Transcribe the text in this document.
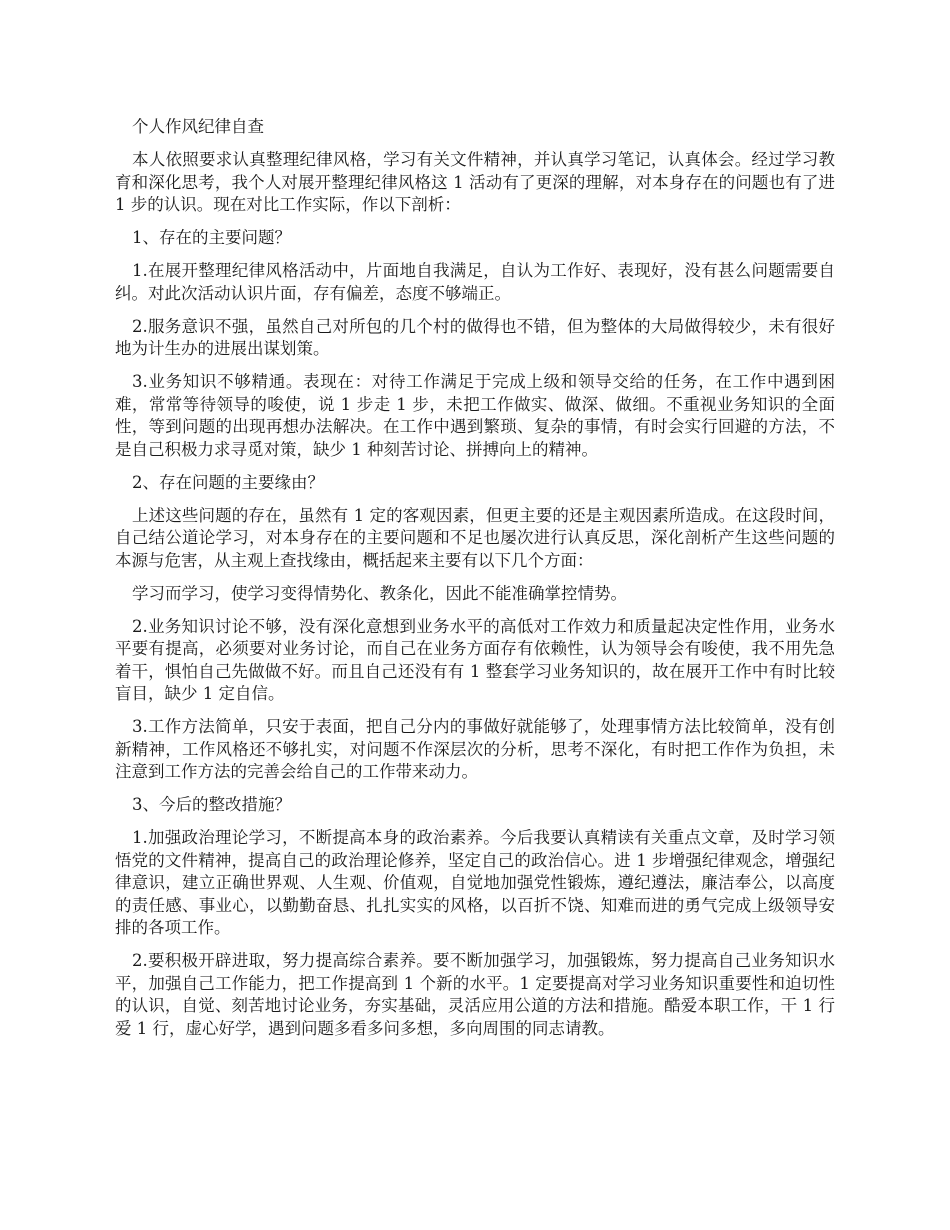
个人作风纪律自查

本人依照要求认真整理纪律风格，学习有关文件精神，并认真学习笔记，认真体会。经过学习教育和深化思考，我个人对展开整理纪律风格这 1 活动有了更深的理解，对本身存在的问题也有了进 1 步的认识。现在对比工作实际，作以下剖析：

1、存在的主要问题？

1.在展开整理纪律风格活动中，片面地自我满足，自认为工作好、表现好，没有甚么问题需要自纠。对此次活动认识片面，存有偏差，态度不够端正。

2.服务意识不强，虽然自己对所包的几个村的做得也不错，但为整体的大局做得较少，未有很好地为计生办的进展出谋划策。

3.业务知识不够精通。表现在：对待工作满足于完成上级和领导交给的任务，在工作中遇到困难，常常等待领导的唆使，说 1 步走 1 步，未把工作做实、做深、做细。不重视业务知识的全面性，等到问题的出现再想办法解决。在工作中遇到繁琐、复杂的事情，有时会实行回避的方法，不是自己积极力求寻觅对策，缺少 1 种刻苦讨论、拼搏向上的精神。

2、存在问题的主要缘由？

上述这些问题的存在，虽然有 1 定的客观因素，但更主要的还是主观因素所造成。在这段时间，自己结公道论学习，对本身存在的主要问题和不足也屡次进行认真反思，深化剖析产生这些问题的本源与危害，从主观上查找缘由，概括起来主要有以下几个方面：

学习而学习，使学习变得情势化、教条化，因此不能准确掌控情势。

2.业务知识讨论不够，没有深化意想到业务水平的高低对工作效力和质量起决定性作用，业务水平要有提高，必须要对业务讨论，而自己在业务方面存有依赖性，认为领导会有唆使，我不用先急着干，惧怕自己先做做不好。而且自己还没有有 1 整套学习业务知识的，故在展开工作中有时比较盲目，缺少 1 定自信。

3.工作方法简单，只安于表面，把自己分内的事做好就能够了，处理事情方法比较简单，没有创新精神，工作风格还不够扎实，对问题不作深层次的分析，思考不深化，有时把工作作为负担，未注意到工作方法的完善会给自己的工作带来动力。

3、今后的整改措施？

1.加强政治理论学习，不断提高本身的政治素养。今后我要认真精读有关重点文章，及时学习领悟党的文件精神，提高自己的政治理论修养，坚定自己的政治信心。进 1 步增强纪律观念，增强纪律意识，建立正确世界观、人生观、价值观，自觉地加强党性锻炼，遵纪遵法，廉洁奉公，以高度的责任感、事业心，以勤勤奋恳、扎扎实实的风格，以百折不饶、知难而进的勇气完成上级领导安排的各项工作。

2.要积极开辟进取，努力提高综合素养。要不断加强学习，加强锻炼，努力提高自己业务知识水平，加强自己工作能力，把工作提高到 1 个新的水平。1 定要提高对学习业务知识重要性和迫切性的认识，自觉、刻苦地讨论业务，夯实基础，灵活应用公道的方法和措施。酷爱本职工作，干 1 行爱 1 行，虚心好学，遇到问题多看多问多想，多向周围的同志请教。
